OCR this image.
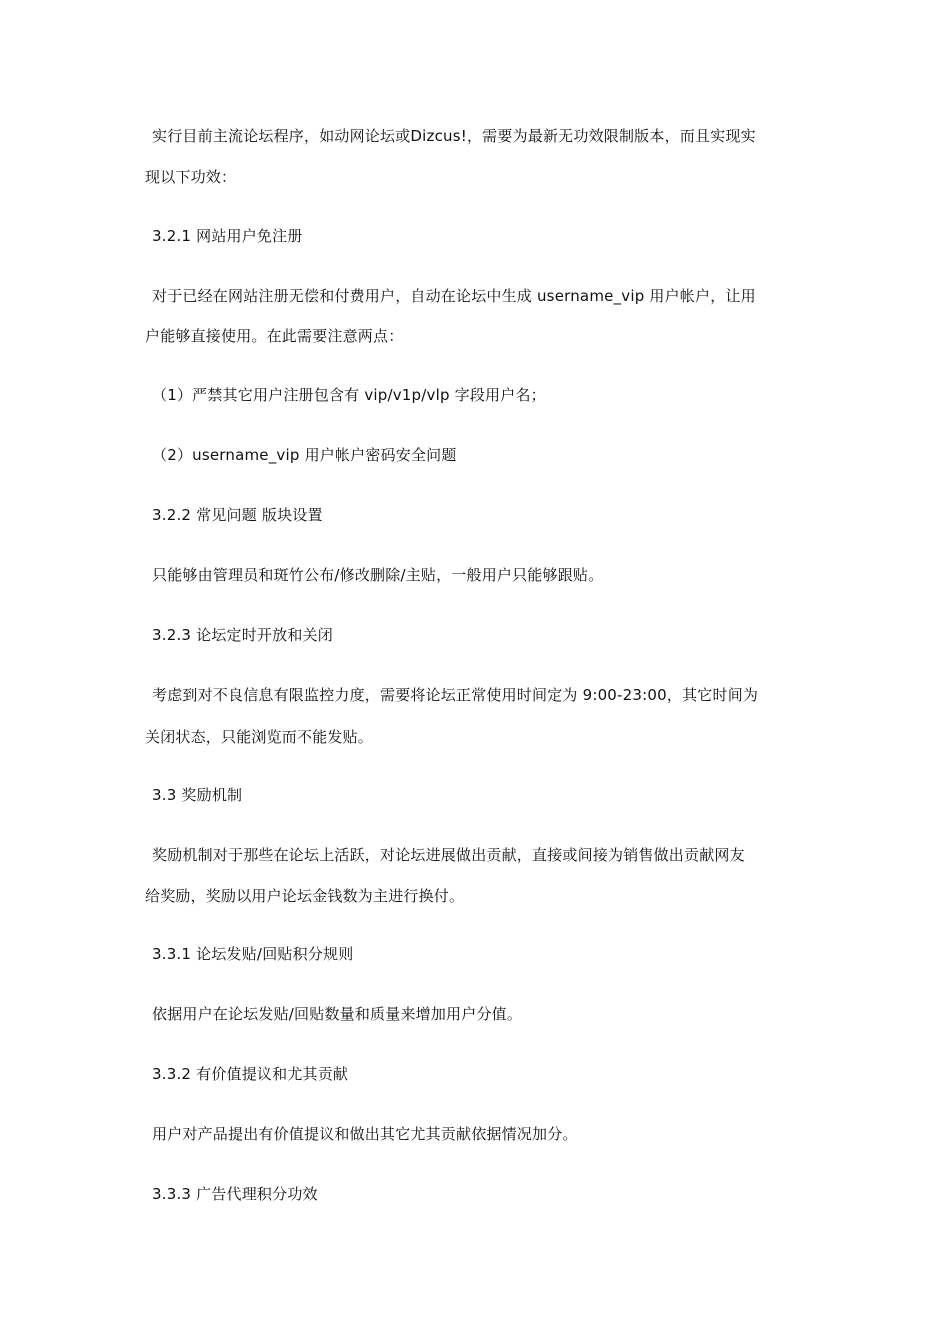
实行目前主流论坛程序，如动网论坛或Dizcus!，需要为最新无功效限制版本，而且实现实
现以下功效：
3.2.1 网站用户免注册
对于已经在网站注册无偿和付费用户，自动在论坛中生成 username_vip 用户帐户，让用
户能够直接使用。在此需要注意两点：
（1）严禁其它用户注册包含有 vip/v1p/vlp 字段用户名；
（2）username_vip 用户帐户密码安全问题
3.2.2 常见问题 版块设置
只能够由管理员和斑竹公布/修改删除/主贴，一般用户只能够跟贴。
3.2.3 论坛定时开放和关闭
考虑到对不良信息有限监控力度，需要将论坛正常使用时间定为 9:00-23:00，其它时间为
关闭状态，只能浏览而不能发贴。
3.3 奖励机制
奖励机制对于那些在论坛上活跃，对论坛进展做出贡献，直接或间接为销售做出贡献网友
给奖励，奖励以用户论坛金钱数为主进行换付。
3.3.1 论坛发贴/回贴积分规则
依据用户在论坛发贴/回贴数量和质量来增加用户分值。
3.3.2 有价值提议和尤其贡献
用户对产品提出有价值提议和做出其它尤其贡献依据情况加分。
3.3.3 广告代理积分功效
